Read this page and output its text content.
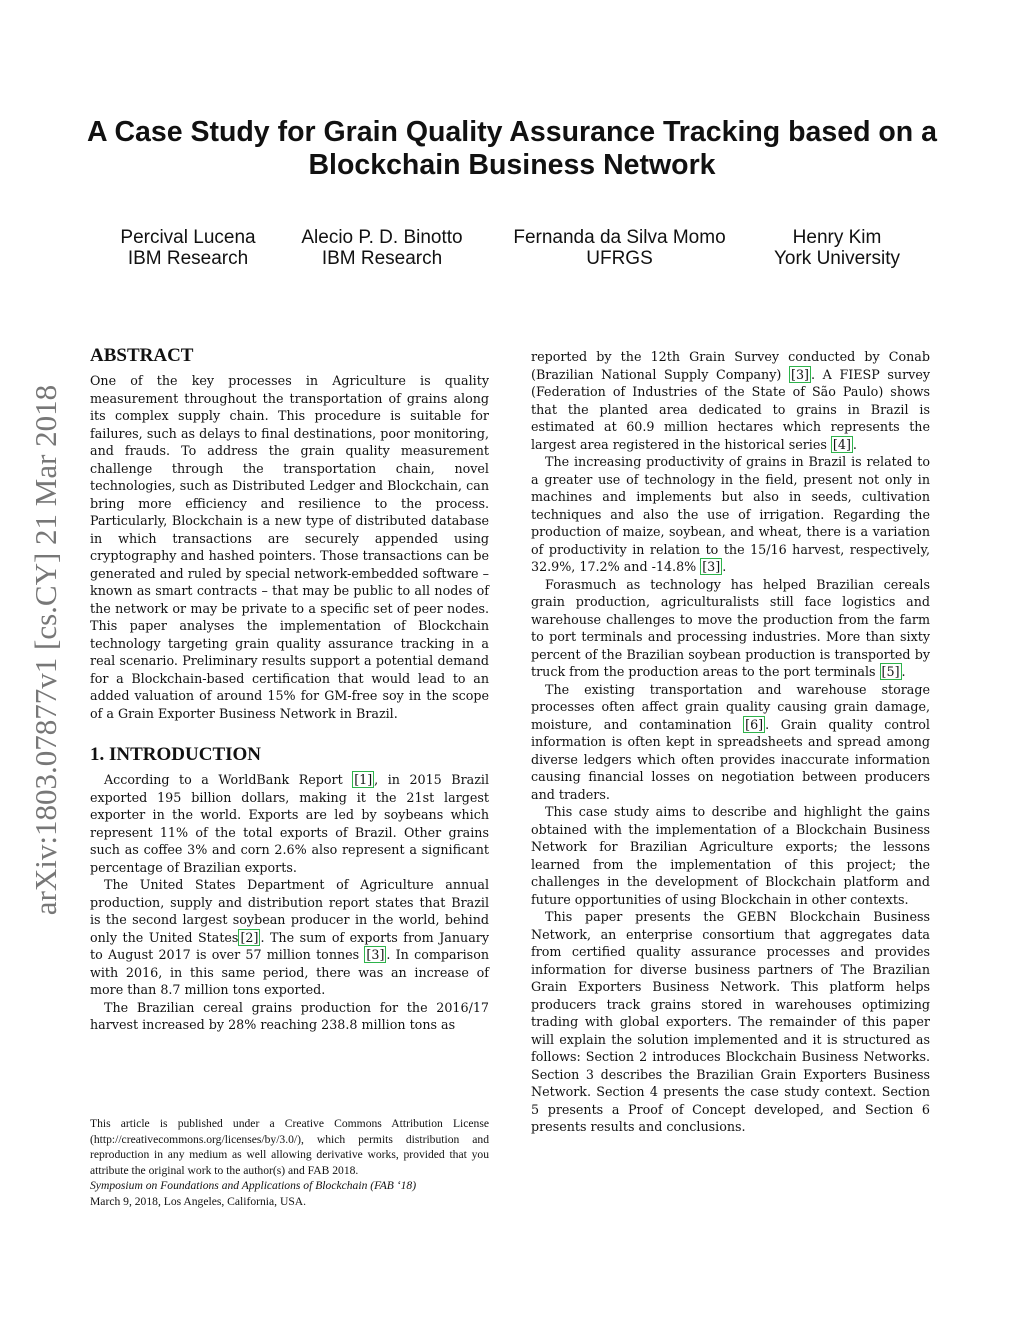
A Case Study for Grain Quality Assurance Tracking based on a Blockchain Business Network
Percival Lucena
IBM Research
Alecio P. D. Binotto
IBM Research
Fernanda da Silva Momo
UFRGS
Henry Kim
York University
arXiv:1803.07877v1 [cs.CY] 21 Mar 2018
ABSTRACT

One of the key processes in Agriculture is quality measurement throughout the transportation of grains along its complex supply chain. This procedure is suitable for failures, such as delays to final destinations, poor monitoring, and frauds. To address the grain quality measurement challenge through the transportation chain, novel technologies, such as Distributed Ledger and Blockchain, can bring more efficiency and resilience to the process. Particularly, Blockchain is a new type of distributed database in which transactions are securely appended using cryptography and hashed pointers. Those transactions can be generated and ruled by special network-embedded software – known as smart contracts – that may be public to all nodes of the network or may be private to a specific set of peer nodes. This paper analyses the implementation of Blockchain technology targeting grain quality assurance tracking in a real scenario. Preliminary results support a potential demand for a Blockchain-based certification that would lead to an added valuation of around 15% for GM-free soy in the scope of a Grain Exporter Business Network in Brazil.

1. INTRODUCTION

According to a WorldBank Report [1] , in 2015 Brazil exported 195 billion dollars, making it the 21st largest exporter in the world. Exports are led by soybeans which represent 11% of the total exports of Brazil. Other grains such as coffee 3% and corn 2.6% also represent a significant percentage of Brazilian exports.

The United States Department of Agriculture annual production, supply and distribution report states that Brazil is the second largest soybean producer in the world, behind only the United States [2] . The sum of exports from January to August 2017 is over 57 million tonnes [3] . In comparison with 2016, in this same period, there was an increase of more than 8.7 million tons exported.

The Brazilian cereal grains production for the 2016/17 harvest increased by 28% reaching 238.8 million tons as

reported by the 12th Grain Survey conducted by Conab (Brazilian National Supply Company) [3] . A FIESP survey (Federation of Industries of the State of São Paulo) shows that the planted area dedicated to grains in Brazil is estimated at 60.9 million hectares which represents the largest area registered in the historical series [4] .

The increasing productivity of grains in Brazil is related to a greater use of technology in the field, present not only in machines and implements but also in seeds, cultivation techniques and also the use of irrigation. Regarding the production of maize, soybean, and wheat, there is a variation of productivity in relation to the 15/16 harvest, respectively, 32.9%, 17.2% and -14.8% [3] .

Forasmuch as technology has helped Brazilian cereals grain production, agriculturalists still face logistics and warehouse challenges to move the production from the farm to port terminals and processing industries. More than sixty percent of the Brazilian soybean production is transported by truck from the production areas to the port terminals [5] .

The existing transportation and warehouse storage processes often affect grain quality causing grain damage, moisture, and contamination [6] . Grain quality control information is often kept in spreadsheets and spread among diverse ledgers which often provides inaccurate information causing financial losses on negotiation between producers and traders.

This case study aims to describe and highlight the gains obtained with the implementation of a Blockchain Business Network for Brazilian Agriculture exports; the lessons learned from the implementation of this project; the challenges in the development of Blockchain platform and future opportunities of using Blockchain in other contexts.

This paper presents the GEBN Blockchain Business Network, an enterprise consortium that aggregates data from certified quality assurance processes and provides information for diverse business partners of The Brazilian Grain Exporters Business Network. This platform helps producers track grains stored in warehouses optimizing trading with global exporters. The remainder of this paper will explain the solution implemented and it is structured as follows: Section 2 introduces Blockchain Business Networks. Section 3 describes the Brazilian Grain Exporters Business Network. Section 4 presents the case study context. Section 5 presents a Proof of Concept developed, and Section 6 presents results and conclusions.

This article is published under a Creative Commons Attribution License (http://creativecommons.org/licenses/by/3.0/), which permits distribution and reproduction in any medium as well allowing derivative works, provided that you attribute the original work to the author(s) and FAB 2018.

Symposium on Foundations and Applications of Blockchain (FAB ‘18)

March 9, 2018, Los Angeles, California, USA.
